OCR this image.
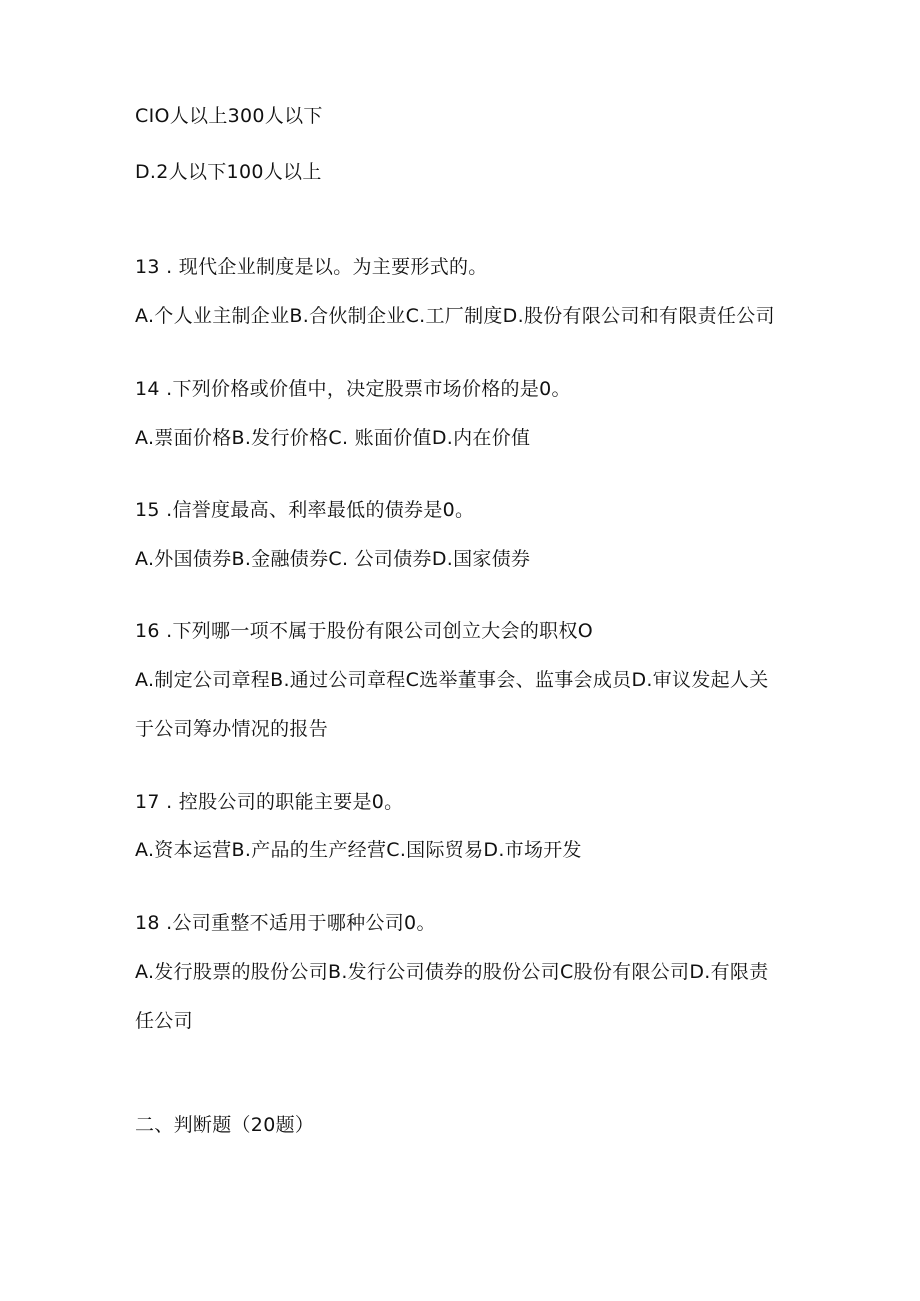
CIO人以上300人以下
D.2人以下100人以上
13 . 现代企业制度是以。为主要形式的。
A.个人业主制企业B.合伙制企业C.工厂制度D.股份有限公司和有限责任公司
14 .下列价格或价值中，决定股票市场价格的是0。
A.票面价格B.发行价格C. 账面价值D.内在价值
15 .信誉度最高、利率最低的债券是0。
A.外国债券B.金融债券C. 公司债券D.国家债券
16 .下列哪一项不属于股份有限公司创立大会的职权O
A.制定公司章程B.通过公司章程C选举董事会、监事会成员D.审议发起人关
于公司筹办情况的报告
17 . 控股公司的职能主要是0。
A.资本运营B.产品的生产经营C.国际贸易D.市场开发
18 .公司重整不适用于哪种公司0。
A.发行股票的股份公司B.发行公司债券的股份公司C股份有限公司D.有限责
任公司
二、判断题（20题）
